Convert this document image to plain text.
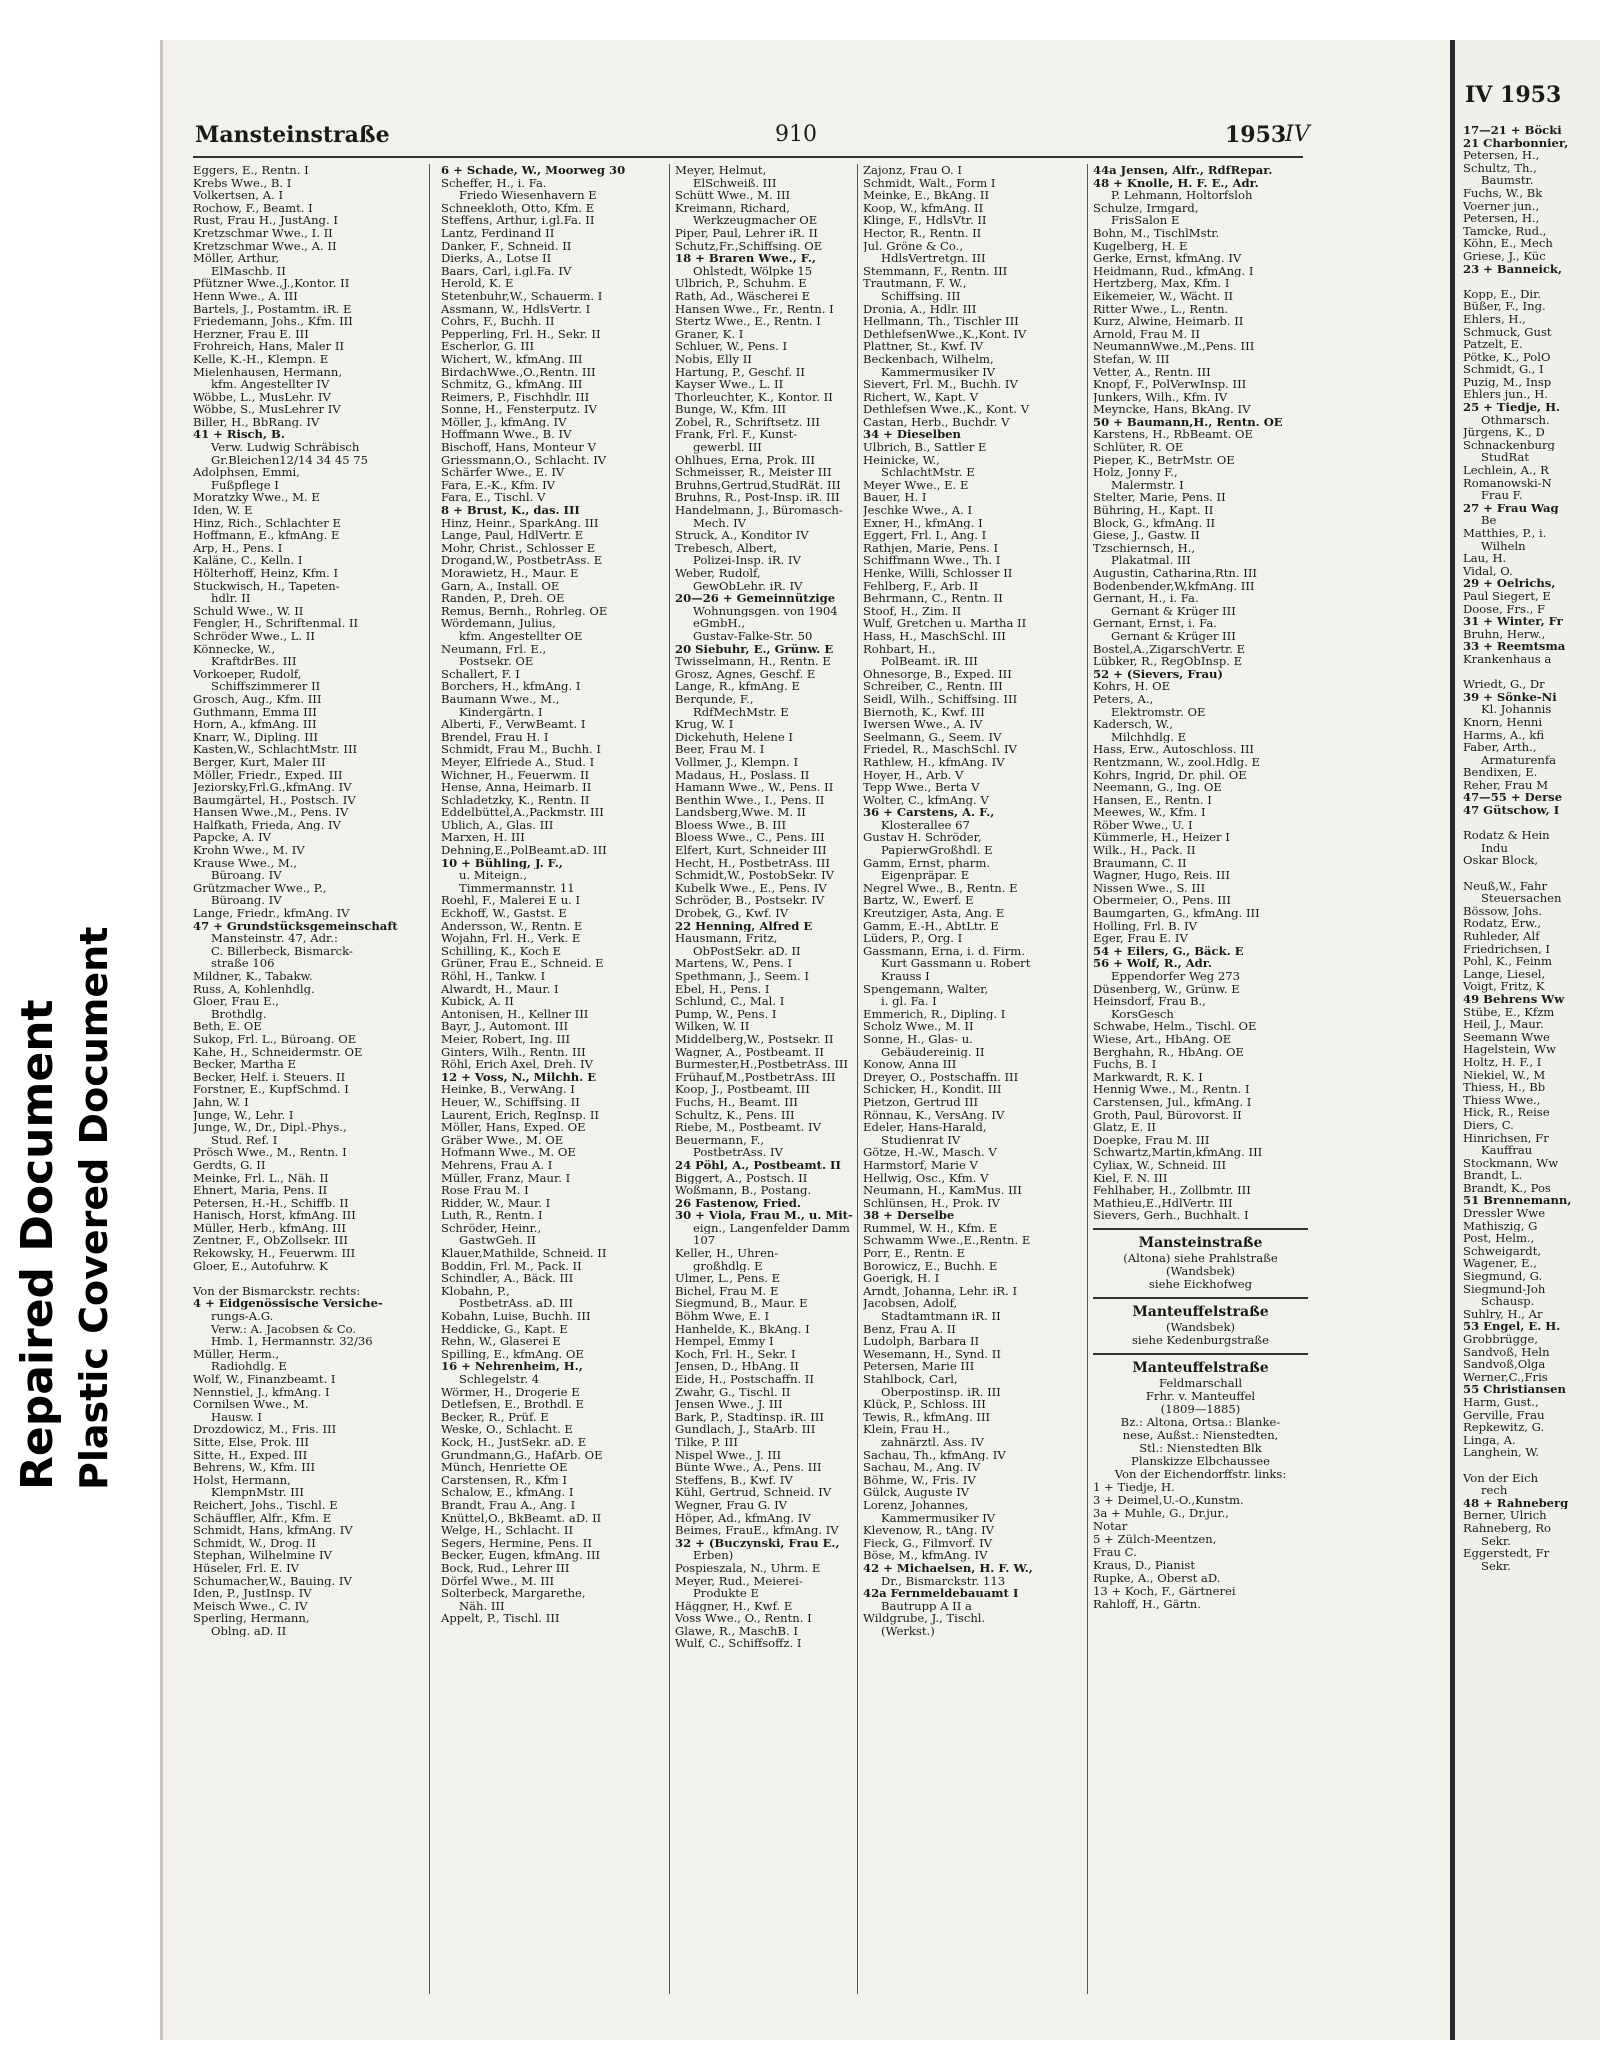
Repaired Document Plastic Covered Document
Mansteinstraße	910	1953
IV
Eggers, E., Rentn. I
Krebs Wwe., B. I
Volkertsen, A. I
Rochow, F., Beamt. I
Rust, Frau H., JustAng. I
Kretzschmar Wwe., I. II
Kretzschmar Wwe., A. II
Möller, Arthur,
ElMaschb. II
Pfützner Wwe.,J.,Kontor. II
Henn Wwe., A. III
Bartels, J., Postamtm. iR. E
Friedemann, Johs., Kfm. III
Herzner, Frau E. III
Frohreich, Hans, Maler II
Kelle, K.-H., Klempn. E
Mielenhausen, Hermann,
kfm. Angestellter IV
Wöbbe, L., MusLehr. IV
Wöbbe, S., MusLehrer IV
Biller, H., BbRang. IV
41 + Risch, B.
Verw. Ludwig Schräbisch
Gr.Bleichen12/14 34 45 75
Adolphsen, Emmi,
Fußpflege I
Moratzky Wwe., M. E
Iden, W. E
Hinz, Rich., Schlachter E
Hoffmann, E., kfmAng. E
Arp, H., Pens. I
Kaläne, C., Kelln. I
Hölterhoff, Heinz, Kfm. I
Stuckwisch, H., Tapeten-
hdlr. II
Schuld Wwe., W. II
Fengler, H., Schriftenmal. II
Schröder Wwe., L. II
Könnecke, W.,
KraftdrBes. III
Vorkoeper, Rudolf,
Schiffszimmerer II
Grosch, Aug., Kfm. III
Guthmann, Emma III
Horn, A., kfmAng. III
Knarr, W., Dipling. III
Kasten,W., SchlachtMstr. III
Berger, Kurt, Maler III
Möller, Friedr., Exped. III
Jeziorsky,Frl.G.,kfmAng. IV
Baumgärtel, H., Postsch. IV
Hansen Wwe.,M., Pens. IV
Halfkath, Frieda, Ang. IV
Papcke, A. IV
Krohn Wwe., M. IV
Krause Wwe., M.,
Büroang. IV
Grützmacher Wwe., P.,
Büroang. IV
Lange, Friedr., kfmAng. IV
47 + Grundstücksgemeinschaft
Mansteinstr. 47, Adr.:
C. Billerbeck, Bismarck-
straße 106
Mildner, K., Tabakw.
Russ, A, Kohlenhdlg.
Gloer, Frau E.,
Brothdlg.
Beth, E. OE
Sukop, Frl. L., Büroang. OE
Kahe, H., Schneidermstr. OE
Becker, Martha E
Becker, Helf. i. Steuers. II
Forstner, E., KupfSchmd. I
Jahn, W. I
Junge, W., Lehr. I
Junge, W., Dr., Dipl.-Phys.,
Stud. Ref. I
Prösch Wwe., M., Rentn. I
Gerdts, G. II
Meinke, Frl. L., Näh. II
Ehnert, Maria, Pens. II
Petersen, H.-H., Schiffb. II
Hanisch, Horst, kfmAng. III
Müller, Herb., kfmAng. III
Zentner, F., ObZollsekr. III
Rekowsky, H., Feuerwm. III
Gloer, E., Autofuhrw. K

Von der Bismarckstr. rechts:
4 + Eidgenössische Versiche-
rungs-A.G.
Verw.: A. Jacobsen & Co.
Hmb. 1, Hermannstr. 32/36
Müller, Herm.,
Radiohdlg. E
Wolf, W., Finanzbeamt. I
Nennstiel, J., kfmAng. I
Cornilsen Wwe., M.
Hausw. I
Drozdowicz, M., Fris. III
Sitte, Else, Prok. III
Sitte, H., Exped. III
Behrens, W., Kfm. III
Holst, Hermann,
KlempnMstr. III
Reichert, Johs., Tischl. E
Schäuffler, Alfr., Kfm. E
Schmidt, Hans, kfmAng. IV
Schmidt, W., Drog. II
Stephan, Wilhelmine IV
Hüseler, Frl. E. IV
Schumacher,W., Bauing. IV
Iden, P., JustInsp. IV
Meisch Wwe., C. IV
Sperling, Hermann,
Oblng. aD. II
6 + Schade, W., Moorweg 30
Scheffer, H., i. Fa.
Friedo Wiesenhavern E
Schneekloth, Otto, Kfm. E
Steffens, Arthur, i.gl.Fa. II
Lantz, Ferdinand II
Danker, F., Schneid. II
Dierks, A., Lotse II
Baars, Carl, i.gl.Fa. IV
Herold, K. E
Stetenbuhr,W., Schauerm. I
Assmann, W., HdlsVertr. I
Cohrs, F., Buchh. II
Pepperling, Frl. H., Sekr. II
Escherlor, G. III
Wichert, W., kfmAng. III
BirdachWwe.,O.,Rentn. III
Schmitz, G., kfmAng. III
Reimers, P., Fischhdlr. III
Sonne, H., Fensterputz. IV
Möller, J., kfmAng. IV
Hoffmann Wwe., B. IV
Bischoff, Hans, Monteur V
Griessmann,O., Schlacht. IV
Schärfer Wwe., E. IV
Fara, E.-K., Kfm. IV
Fara, E., Tischl. V
8 + Brust, K., das. III
Hinz, Heinr., SparkAng. III
Lange, Paul, HdlVertr. E
Mohr, Christ., Schlosser E
Drogand,W., PostbetrAss. E
Morawietz, H., Maur. E
Garn, A., Install. OE
Randen, P., Dreh. OE
Remus, Bernh., Rohrleg. OE
Wördemann, Julius,
kfm. Angestellter OE
Neumann, Frl. E.,
Postsekr. OE
Schallert, F. I
Borchers, H., kfmAng. I
Baumann Wwe., M.,
Kindergärtn. I
Alberti, F., VerwBeamt. I
Brendel, Frau H. I
Schmidt, Frau M., Buchh. I
Meyer, Elfriede A., Stud. I
Wichner, H., Feuerwm. II
Hense, Anna, Heimarb. II
Schladetzky, K., Rentn. II
Eddelbüttel,A.,Packmstr. III
Ublich, A., Glas. III
Marxen, H. III
Dehning,E.,PolBeamt.aD. III
10 + Bühling, J. F.,
u. Miteign.,
Timmermannstr. 11
Roehl, F., Malerei E u. I
Eckhoff, W., Gastst. E
Andersson, W., Rentn. E
Wojahn, Frl. H., Verk. E
Schilling, K., Koch E
Grüner, Frau E., Schneid. E
Röhl, H., Tankw. I
Alwardt, H., Maur. I
Kubick, A. II
Antonisen, H., Kellner III
Bayr, J., Automont. III
Meier, Robert, Ing. III
Ginters, Wilh., Rentn. III
Röhl, Erich Axel, Dreh. IV
12 + Voss, N., Milchh. E
Heinke, B., VerwAng. I
Heuer, W., Schiffsing. II
Laurent, Erich, RegInsp. II
Möller, Hans, Exped. OE
Gräber Wwe., M. OE
Hofmann Wwe., M. OE
Mehrens, Frau A. I
Müller, Franz, Maur. I
Rose Frau M. I
Ridder, W., Maur. I
Luth, R., Rentn. I
Schröder, Heinr.,
GastwGeh. II
Klauer,Mathilde, Schneid. II
Boddin, Frl. M., Pack. II
Schindler, A., Bäck. III
Klobahn, P.,
PostbetrAss. aD. III
Kobahn, Luise, Buchh. III
Heddicke, G., Kapt. E
Rehn, W., Glaserei E
Spilling, E., kfmAng. OE
16 + Nehrenheim, H.,
Schlegelstr. 4
Wörmer, H., Drogerie E
Detlefsen, E., Brothdl. E
Becker, R., Prüf. E
Weske, O., Schlacht. E
Kock, H., JustSekr. aD. E
Grundmann,G., HafArb. OE
Münch, Henriette OE
Carstensen, R., Kfm I
Schalow, E., kfmAng. I
Brandt, Frau A., Ang. I
Knüttel,O., BkBeamt. aD. II
Welge, H., Schlacht. II
Segers, Hermine, Pens. II
Becker, Eugen, kfmAng. III
Bock, Rud., Lehrer III
Dörfel Wwe., M. III
Solterbeck, Margarethe,
Näh. III
Appelt, P., Tischl. III
Meyer, Helmut,
ElSchweiß. III
Schütt Wwe., M. III
Kreimann, Richard,
Werkzeugmacher OE
Piper, Paul, Lehrer iR. II
Schutz,Fr.,Schiffsing. OE
18 + Braren Wwe., F.,
Ohlstedt, Wölpke 15
Ulbrich, P., Schuhm. E
Rath, Ad., Wäscherei E
Hansen Wwe., Fr., Rentn. I
Stertz Wwe., E., Rentn. I
Graner, K. I
Schluer, W., Pens. I
Nobis, Elly II
Hartung, P., Geschf. II
Kayser Wwe., L. II
Thorleuchter, K., Kontor. II
Bunge, W., Kfm. III
Zobel, R., Schriftsetz. III
Frank, Frl. F., Kunst-
gewerbl. III
Ohlhues, Erna, Prok. III
Schmeisser, R., Meister III
Bruhns,Gertrud,StudRät. III
Bruhns, R., Post-Insp. iR. III
Handelmann, J., Büromasch-
Mech. IV
Struck, A., Konditor IV
Trebesch, Albert,
Polizei-Insp. iR. IV
Weber, Rudolf,
GewObLehr. iR. IV
20—26 + Gemeinnützige
Wohnungsgen. von 1904
eGmbH.,
Gustav-Falke-Str. 50
20 Siebuhr, E., Grünw. E
Twisselmann, H., Rentn. E
Grosz, Agnes, Geschf. E
Lange, R., kfmAng. E
Berqunde, F.,
RdfMechMstr. E
Krug, W. I
Dickehuth, Helene I
Beer, Frau M. I
Vollmer, J., Klempn. I
Madaus, H., Poslass. II
Hamann Wwe., W., Pens. II
Benthin Wwe., I., Pens. II
Landsberg,Wwe. M. II
Bloess Wwe., B. III
Bloess Wwe., C., Pens. III
Elfert, Kurt, Schneider III
Hecht, H., PostbetrAss. III
Schmidt,W., PostobSekr. IV
Kubelk Wwe., E., Pens. IV
Schröder, B., Postsekr. IV
Drobek, G., Kwf. IV
22 Henning, Alfred E
Hausmann, Fritz,
ObPostSekr. aD. II
Martens, W., Pens. I
Spethmann, J., Seem. I
Ebel, H., Pens. I
Schlund, C., Mal. I
Pump, W., Pens. I
Wilken, W. II
Middelberg,W., Postsekr. II
Wagner, A., Postbeamt. II
Burmester,H.,PostbetrAss. III
Frühauf,M.,PostbetrAss. III
Koop, J., Postbeamt. III
Fuchs, H., Beamt. III
Schultz, K., Pens. III
Riebe, M., Postbeamt. IV
Beuermann, F.,
PostbetrAss. IV
24 Pöhl, A., Postbeamt. II
Biggert, A., Postsch. II
Woßmann, B., Postang.
26 Fastenow, Fried.
30 + Viola, Frau M., u. Mit-
eign., Langenfelder Damm
107
Keller, H., Uhren-
großhdlg. E
Ulmer, L., Pens. E
Bichel, Frau M. E
Siegmund, B., Maur. E
Böhm Wwe, E. I
Hanhelde, K., BkAng. I
Hempel, Emmy I
Koch, Frl. H., Sekr. I
Jensen, D., HbAng. II
Eide, H., Postschaffn. II
Zwahr, G., Tischl. II
Jensen Wwe., J. III
Bark, P., Stadtinsp. iR. III
Gundlach, J., StaArb. III
Tilke, P. III
Nispel Wwe., J. III
Bünte Wwe., A., Pens. III
Steffens, B., Kwf. IV
Kühl, Gertrud, Schneid. IV
Wegner, Frau G. IV
Höper, Ad., kfmAng. IV
Beimes, FrauE., kfmAng. IV
32 + (Buczynski, Frau E.,
Erben)
Pospieszala, N., Uhrm. E
Meyer, Rud., Meierei-
Produkte E
Häggner, H., Kwf. E
Voss Wwe., O., Rentn. I
Glawe, R., MaschB. I
Wulf, C., Schiffsoffz. I
Zajonz, Frau O. I
Schmidt, Walt., Form I
Meinke, E., BkAng. II
Koop, W., kfmAng. II
Klinge, F., HdlsVtr. II
Hector, R., Rentn. II
Jul. Gröne & Co.,
HdlsVertretgn. III
Stemmann, F., Rentn. III
Trautmann, F. W.,
Schiffsing. III
Dronia, A., Hdlr. III
Hellmann, Th., Tischler III
DethlefsenWwe.,K.,Kont. IV
Plattner, St., Kwf. IV
Beckenbach, Wilhelm,
Kammermusiker IV
Sievert, Frl. M., Buchh. IV
Richert, W., Kapt. V
Dethlefsen Wwe.,K., Kont. V
Castan, Herb., Buchdr. V
34 + Dieselben
Ulbrich, B., Sattler E
Heinicke, W.,
SchlachtMstr. E
Meyer Wwe., E. E
Bauer, H. I
Jeschke Wwe., A. I
Exner, H., kfmAng. I
Eggert, Frl. I., Ang. I
Rathjen, Marie, Pens. I
Schiffmann Wwe., Th. I
Henke, Willi, Schlosser II
Fehlberg, F., Arb. II
Behrmann, C., Rentn. II
Stoof, H., Zim. II
Wulf, Gretchen u. Martha II
Hass, H., MaschSchl. III
Rohbart, H.,
PolBeamt. iR. III
Ohnesorge, B., Exped. III
Schreiber, C., Rentn. III
Seidl, Wilh., Schiffsing. III
Biernoth, K., Kwf. III
Iwersen Wwe., A. IV
Seelmann, G., Seem. IV
Friedel, R., MaschSchl. IV
Rathlew, H., kfmAng. IV
Hoyer, H., Arb. V
Tepp Wwe., Berta V
Wolter, C., kfmAng. V
36 + Carstens, A. F.,
Klosterallee 67
Gustav H. Schröder,
PapierwGroßhdl. E
Gamm, Ernst, pharm.
Eigenpräpar. E
Negrel Wwe., B., Rentn. E
Bartz, W., Ewerf. E
Kreutziger, Asta, Ang. E
Gamm, E.-H., AbtLtr. E
Lüders, P., Org. I
Gassmann, Erna, i. d. Firm.
Kurt Gassmann u. Robert
Krauss I
Spengemann, Walter,
i. gl. Fa. I
Emmerich, R., Dipling. I
Scholz Wwe., M. II
Sonne, H., Glas- u.
Gebäudereinig. II
Konow, Anna III
Dreyer, O., Postschaffn. III
Schicker, H., Kondit. III
Pietzon, Gertrud III
Rönnau, K., VersAng. IV
Edeler, Hans-Harald,
Studienrat IV
Götze, H.-W., Masch. V
Harmstorf, Marie V
Hellwig, Osc., Kfm. V
Neumann, H., KamMus. III
Schlünsen, H., Prok. IV
38 + Derselbe
Rummel, W. H., Kfm. E
Schwamm Wwe.,E.,Rentn. E
Porr, E., Rentn. E
Borowicz, E., Buchh. E
Goerigk, H. I
Arndt, Johanna, Lehr. iR. I
Jacobsen, Adolf,
Stadtamtmann iR. II
Benz, Frau A. II
Ludolph, Barbara II
Wesemann, H., Synd. II
Petersen, Marie III
Stahlbock, Carl,
Oberpostinsp. iR. III
Klück, P., Schloss. III
Tewis, R., kfmAng. III
Klein, Frau H.,
zahnärztl. Ass. IV
Sachau, Th., kfmAng. IV
Sachau, M., Ang. IV
Böhme, W., Fris. IV
Gülck, Auguste IV
Lorenz, Johannes,
Kammermusiker IV
Klevenow, R., tAng. IV
Fieck, G., Filmvorf. IV
Böse, M., kfmAng. IV
42 + Michaelsen, H. F. W.,
Dr., Bismarckstr. 113
42a Fernmeldebauamt I
Bautrupp A II a
Wildgrube, J., Tischl.
(Werkst.)
44a Jensen, Alfr., RdfRepar.
48 + Knolle, H. F. E., Adr.
P. Lehmann, Holtorfsloh
Schulze, Irmgard,
FrisSalon E
Bohn, M., TischlMstr.
Kugelberg, H. E
Gerke, Ernst, kfmAng. IV
Heidmann, Rud., kfmAng. I
Hertzberg, Max, Kfm. I
Eikemeier, W., Wächt. II
Ritter Wwe., L., Rentn.
Kurz, Alwine, Heimarb. II
Arnold, Frau M. II
NeumannWwe.,M.,Pens. III
Stefan, W. III
Vetter, A., Rentn. III
Knopf, F., PolVerwInsp. III
Junkers, Wilh., Kfm. IV
Meyncke, Hans, BkAng. IV
50 + Baumann,H., Rentn. OE
Karstens, H., RbBeamt. OE
Schlüter, R. OE
Pieper, K., BetrMstr. OE
Holz, Jonny F.,
Malermstr. I
Stelter, Marie, Pens. II
Bühring, H., Kapt. II
Block, G., kfmAng. II
Giese, J., Gastw. II
Tzschiernsch, H.,
Plakatmal. III
Augustin, Catharina,Rtn. III
Bodenbender,W,kfmAng. III
Gernant, H., i. Fa.
Gernant & Krüger III
Gernant, Ernst, i. Fa.
Gernant & Krüger III
Bostel,A.,ZigarschVertr. E
Lübker, R., RegObInsp. E
52 + (Sievers, Frau)
Kohrs, H. OE
Peters, A.,
Elektromstr. OE
Kadersch, W.,
Milchhdlg. E
Hass, Erw., Autoschloss. III
Rentzmann, W., zool.Hdlg. E
Kohrs, Ingrid, Dr. phil. OE
Neemann, G., Ing. OE
Hansen, E., Rentn. I
Meewes, W., Kfm. I
Röber Wwe., U. I
Kümmerle, H., Heizer I
Wilk., H., Pack. II
Braumann, C. II
Wagner, Hugo, Reis. III
Nissen Wwe., S. III
Obermeier, O., Pens. III
Baumgarten, G., kfmAng. III
Holling, Frl. B. IV
Eger, Frau E. IV
54 + Eilers, G., Bäck. E
56 + Wolf, R., Adr.
Eppendorfer Weg 273
Düsenberg, W., Grünw. E
Heinsdorf, Frau B.,
KorsGesch
Schwabe, Helm., Tischl. OE
Wiese, Art., HbAng. OE
Berghahn, R., HbAng. OE
Fuchs, B. I
Markwardt, R. K. I
Hennig Wwe., M., Rentn. I
Carstensen, Jul., kfmAng. I
Groth, Paul, Bürovorst. II
Glatz, E. II
Doepke, Frau M. III
Schwartz,Martin,kfmAng. III
Cyliax, W., Schneid. III
Kiel, F. N. III
Fehlhaber, H., Zollbmtr. III
Mathieu,E.,HdlVertr. III
Sievers, Gerh., Buchhalt. I
Mansteinstraße
(Altona) siehe Prahlstraße
(Wandsbek)
siehe Eickhofweg
Manteuffelstraße
(Wandsbek)
siehe Kedenburgstraße
Manteuffelstraße
Feldmarschall
Frhr. v. Manteuffel
(1809—1885)
Bz.: Altona, Ortsa.: Blanke-
nese, Außst.: Nienstedten,
Stl.: Nienstedten Blk
Planskizze Elbchaussee
Von der Eichendorffstr. links:
1 + Tiedje, H.
3 + Deimel,U.-O.,Kunstm.
3a + Muhle, G., Dr.jur.,
Notar
5 + Zülch-Meentzen,
Frau C.
Kraus, D., Pianist
Rupke, A., Oberst aD.
13 + Koch, F., Gärtnerei
Rahloff, H., Gärtn.
IV 1953
17—21 + Böcki
21 Charbonnier,
Petersen, H.,
Schultz, Th.,
Baumstr.
Fuchs, W., Bk
Voerner jun.,
Petersen, H.,
Tamcke, Rud.,
Köhn, E., Mech
Griese, J., Küc
23 + Banneick,

Kopp, E., Dir.
Büßer, F., Ing.
Ehlers, H.,
Schmuck, Gust
Patzelt, E.
Pötke, K., PolO
Schmidt, G., I
Puzig, M., Insp
Ehlers jun., H.
25 + Tiedje, H.
Othmarsch.
Jürgens, K., D
Schnackenburg
StudRat
Lechlein, A., R
Romanowski-N
Frau F.
27 + Frau Wag
Be
Matthies, P., i.
Wilheln
Lau, H.
Vidal, O.
29 + Oelrichs,
Paul Siegert, E
Doose, Frs., F
31 + Winter, Fr
Bruhn, Herw.,
33 + Reemtsma
Krankenhaus a

Wriedt, G., Dr
39 + Sönke-Ni
Kl. Johannis
Knorn, Henni
Harms, A., kfi
Faber, Arth.,
Armaturenfa
Bendixen, E.
Reher, Frau M
47—55 + Derse
47 Gütschow, I

Rodatz & Hein
Indu
Oskar Block,

Neuß,W., Fahr
Steuersachen
Bössow, Johs.
Rodatz, Erw.,
Ruhleder, Alf
Friedrichsen, I
Pohl, K., Feinm
Lange, Liesel,
Voigt, Fritz, K
49 Behrens Ww
Stübe, E., Kfzm
Heil, J., Maur.
Seemann Wwe
Hagelstein, Ww
Holtz, H. F., I
Niekiel, W., M
Thiess, H., Bb
Thiess Wwe.,
Hick, R., Reise
Diers, C.
Hinrichsen, Fr
Kauffrau
Stockmann, Ww
Brandt, L.
Brandt, K., Pos
51 Brennemann,
Dressler Wwe
Mathiszig, G
Post, Helm.,
Schweigardt,
Wagener, E.,
Siegmund, G.
Siegmund-Joh
Schausp.
Suhlry, H., Ar
53 Engel, E. H.
Grobbrügge,
Sandvoß, Heln
Sandvoß,Olga
Werner,C.,Fris
55 Christiansen
Harm, Gust.,
Gerville, Frau
Repkewitz, G.
Linga, A.
Langhein, W.

Von der Eich
rech
48 + Rahneberg
Berner, Ulrich
Rahneberg, Ro
Sekr.
Eggerstedt, Fr
Sekr.
